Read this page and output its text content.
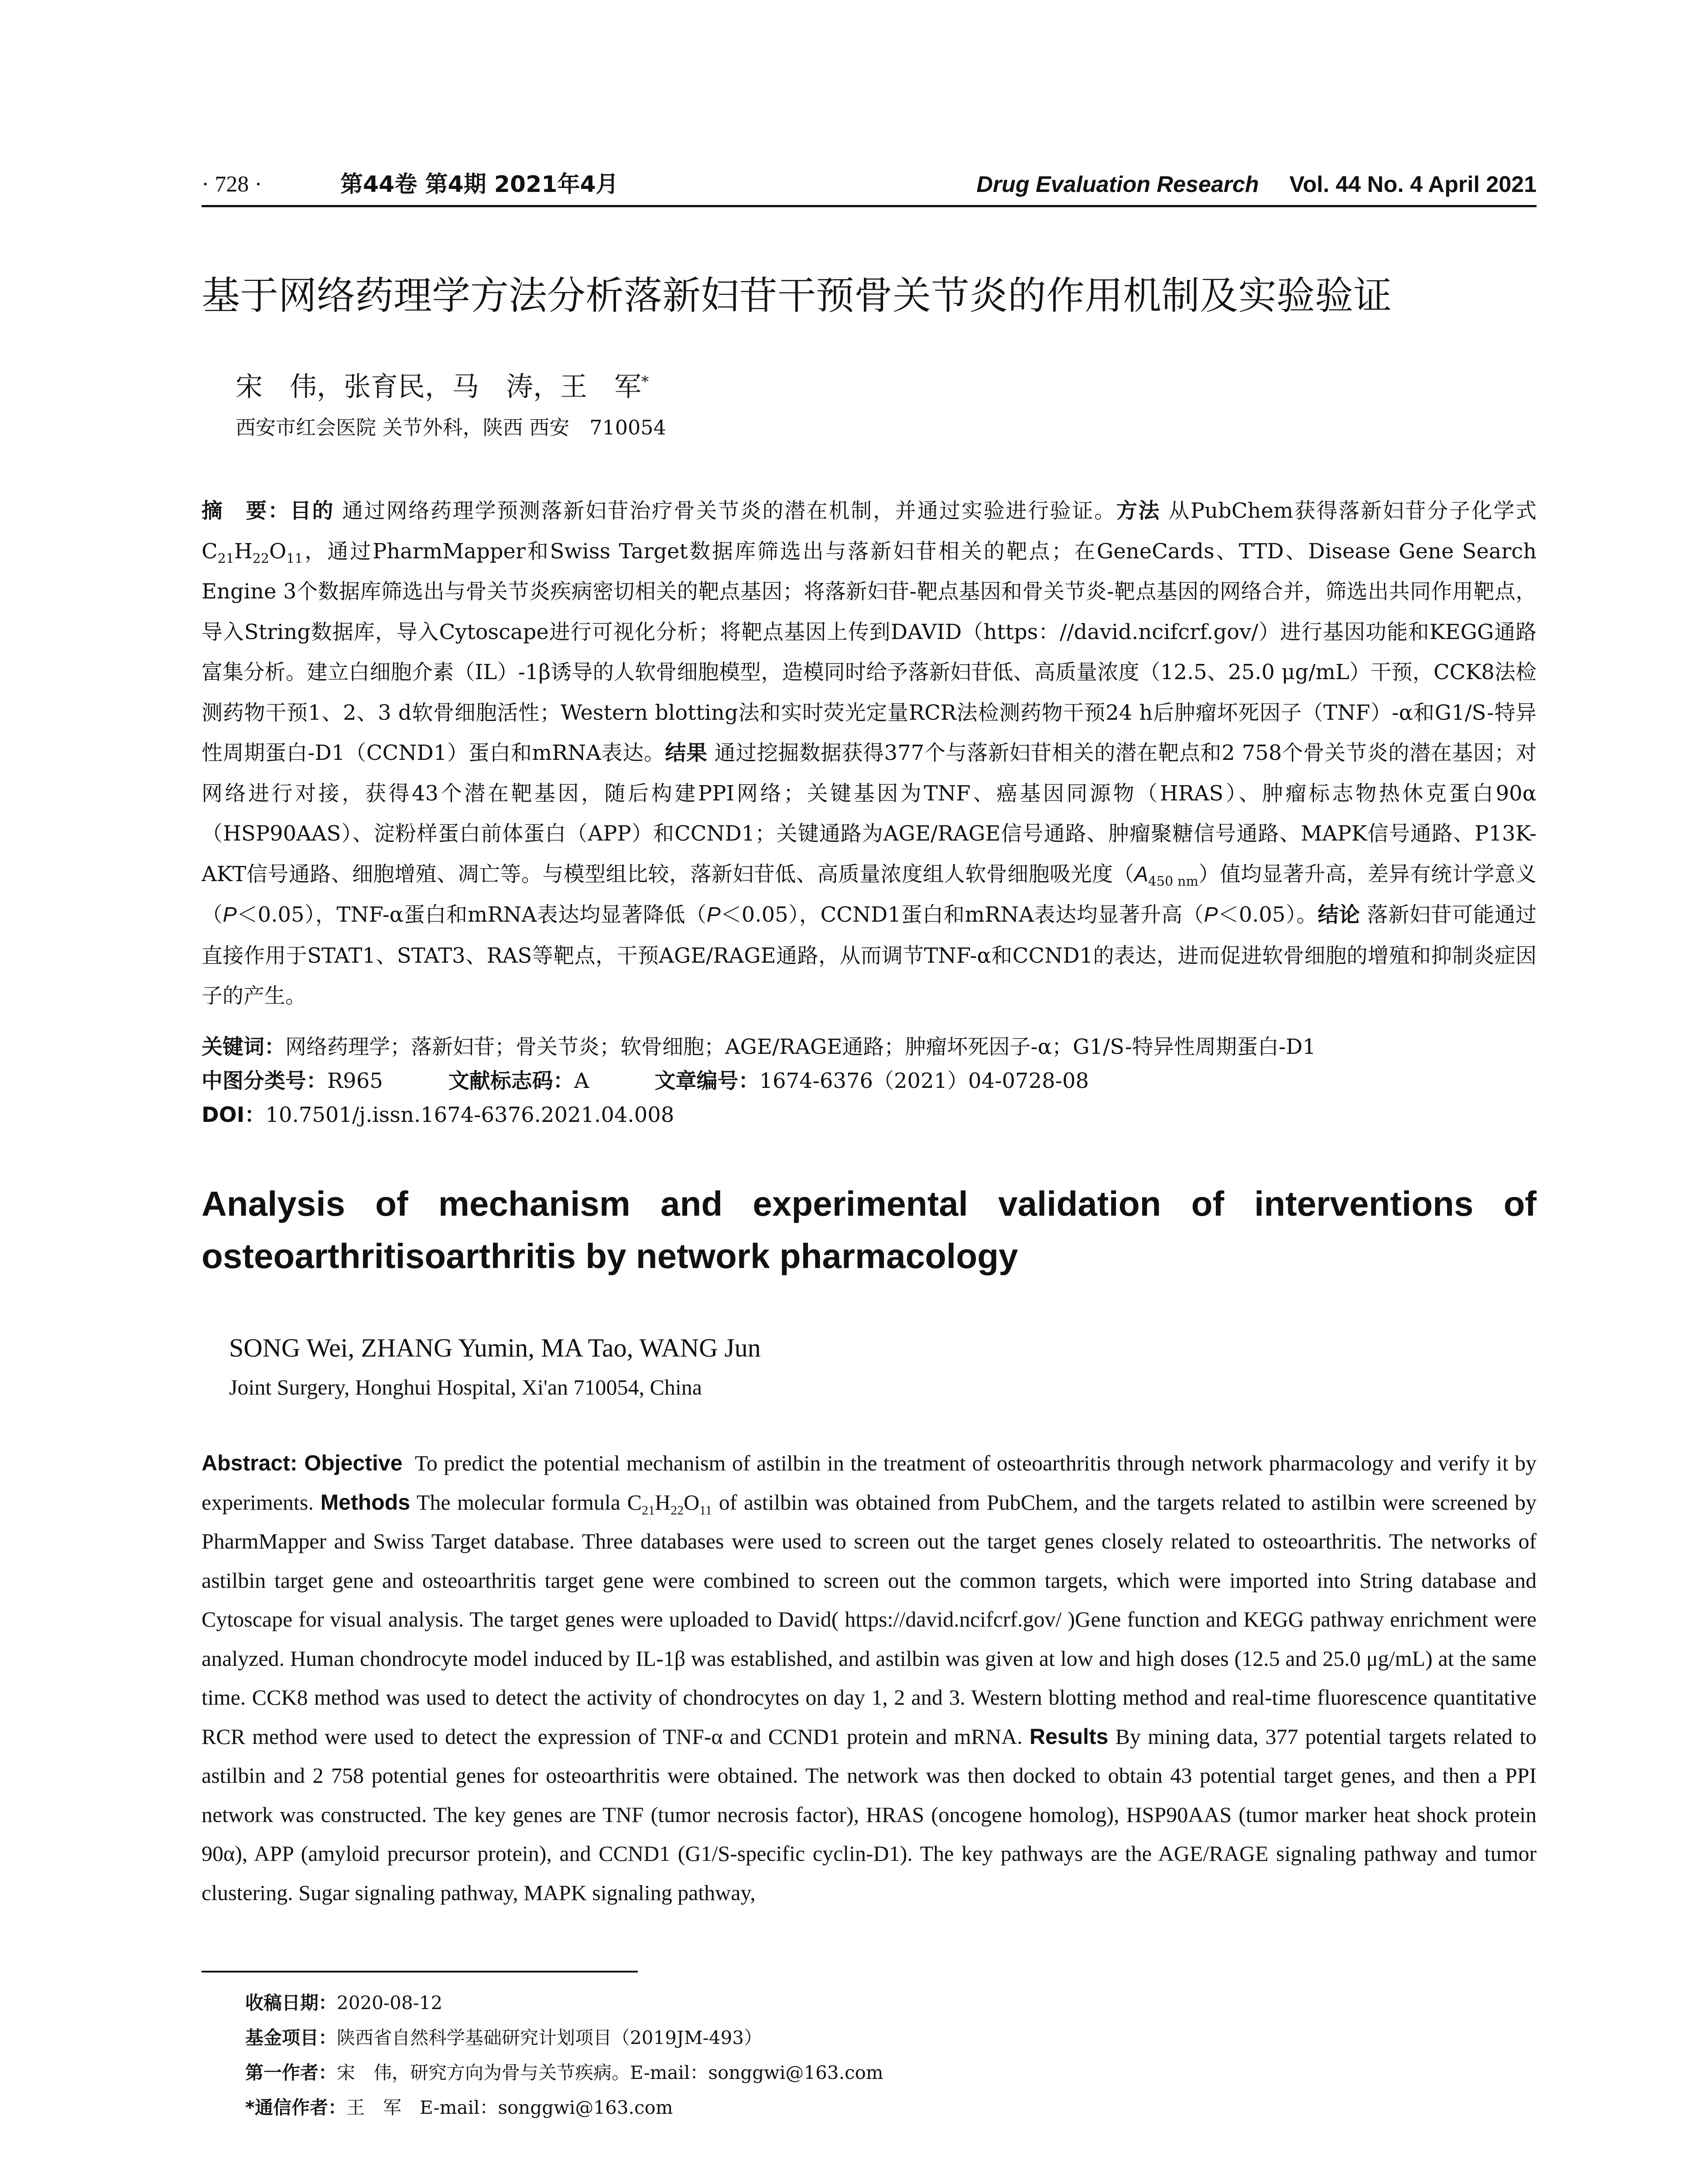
· 728 ·	第44卷 第4期 2021年4月	Drug Evaluation Research Vol. 44 No. 4 April 2021
基于网络药理学方法分析落新妇苷干预骨关节炎的作用机制及实验验证
宋　伟，张育民，马　涛，王　军*
西安市红会医院 关节外科，陕西 西安　710054
摘　要：目的 通过网络药理学预测落新妇苷治疗骨关节炎的潜在机制，并通过实验进行验证。方法 从PubChem获得落新妇苷分子化学式$C_{21}H_{22}O_{11}$，通过PharmMapper和Swiss Target数据库筛选出与落新妇苷相关的靶点；在GeneCards、TTD、Disease Gene Search Engine 3个数据库筛选出与骨关节炎疾病密切相关的靶点基因；将落新妇苷-靶点基因和骨关节炎-靶点基因的网络合并，筛选出共同作用靶点，导入String数据库，导入Cytoscape进行可视化分析；将靶点基因上传到DAVID（https：//david.ncifcrf.gov/）进行基因功能和KEGG通路富集分析。建立白细胞介素（IL）-1β诱导的人软骨细胞模型，造模同时给予落新妇苷低、高质量浓度（12.5、25.0 μg/mL）干预，CCK8法检测药物干预1、2、3 d软骨细胞活性；Western blotting法和实时荧光定量RCR法检测药物干预24 h后肿瘤坏死因子（TNF）-α和G1/S-特异性周期蛋白-D1（CCND1）蛋白和mRNA表达。结果 通过挖掘数据获得377个与落新妇苷相关的潜在靶点和2 758个骨关节炎的潜在基因；对网络进行对接，获得43个潜在靶基因，随后构建PPI网络；关键基因为TNF、癌基因同源物（HRAS）、肿瘤标志物热休克蛋白90α（HSP90AAS）、淀粉样蛋白前体蛋白（APP）和CCND1；关键通路为AGE/RAGE信号通路、肿瘤聚糖信号通路、MAPK信号通路、P13K-AKT信号通路、细胞增殖、凋亡等。与模型组比较，落新妇苷低、高质量浓度组人软骨细胞吸光度$(A_{450 nm})$值均显著升高，差异有统计学意义（P＜0.05），TNF-α蛋白和mRNA表达均显著降低（P＜0.05），CCND1蛋白和mRNA表达均显著升高（P＜0.05）。结论 落新妇苷可能通过直接作用于STAT1、STAT3、RAS等靶点，干预AGE/RAGE通路，从而调节TNF-α和CCND1的表达，进而促进软骨细胞的增殖和抑制炎症因子的产生。
关键词：网络药理学；落新妇苷；骨关节炎；软骨细胞；AGE/RAGE通路；肿瘤坏死因子-α；G1/S-特异性周期蛋白-D1
中图分类号：R965	文献标志码：A	文章编号：1674-6376（2021）04-0728-08
DOI：10.7501/j.issn.1674-6376.2021.04.008
Analysis of mechanism and experimental validation of interventions of
osteoarthritisoarthritis by network pharmacology
SONG Wei, ZHANG Yumin, MA Tao, WANG Jun
Joint Surgery, Honghui Hospital, Xi'an 710054, China
Abstract: Objective To predict the potential mechanism of astilbin in the treatment of osteoarthritis through network pharmacology and verify it by experiments. Methods The molecular formula $C_{21}H_{22}O_{11}$ of astilbin was obtained from PubChem, and the targets related to astilbin were screened by PharmMapper and Swiss Target database. Three databases were used to screen out the target genes closely related to osteoarthritis. The networks of astilbin target gene and osteoarthritis target gene were combined to screen out the common targets, which were imported into String database and Cytoscape for visual analysis. The target genes were uploaded to David( https://david.ncifcrf.gov/ )Gene function and KEGG pathway enrichment were analyzed. Human chondrocyte model induced by IL-1β was established, and astilbin was given at low and high doses (12.5 and 25.0 μg/mL) at the same time. CCK8 method was used to detect the activity of chondrocytes on day 1, 2 and 3. Western blotting method and real-time fluorescence quantitative RCR method were used to detect the expression of TNF-α and CCND1 protein and mRNA. Results By mining data, 377 potential targets related to astilbin and 2 758 potential genes for osteoarthritis were obtained. The network was then docked to obtain 43 potential target genes, and then a PPI network was constructed. The key genes are TNF (tumor necrosis factor), HRAS (oncogene homolog), HSP90AAS (tumor marker heat shock protein 90α), APP (amyloid precursor protein), and CCND1 (G1/S-specific cyclin-D1). The key pathways are the AGE/RAGE signaling pathway and tumor clustering. Sugar signaling pathway, MAPK signaling pathway,
收稿日期：2020-08-12
基金项目：陕西省自然科学基础研究计划项目（2019JM-493）
第一作者：宋　伟，研究方向为骨与关节疾病。E-mail：songgwi@163.com
*通信作者：王　军　E-mail：songgwi@163.com
